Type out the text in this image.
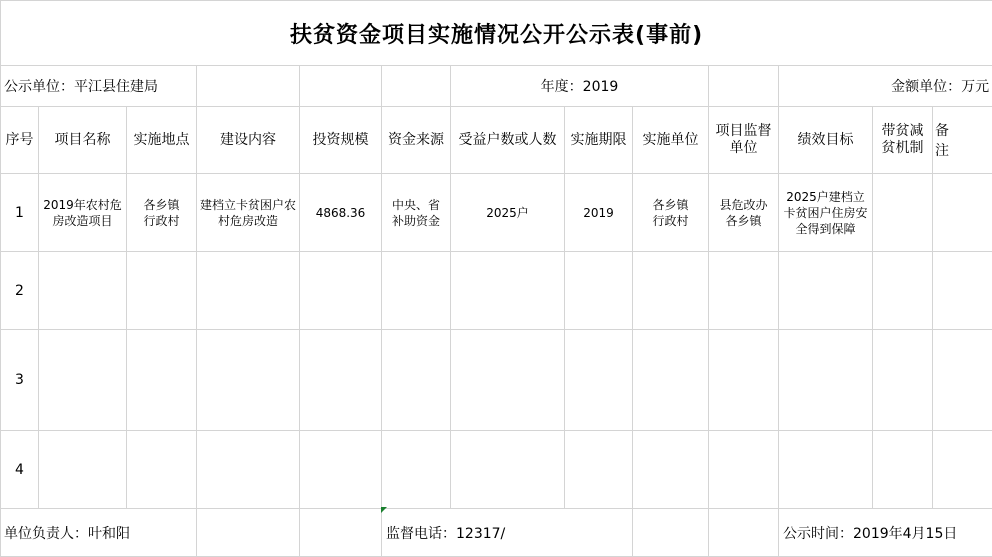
扶贫资金项目实施情况公开公示表(事前)												
公示单位：平江县住建局						年度：2019				金额单位：万元		
序号	项目名称	实施地点	建设内容	投资规模	资金来源	受益户数或人数	实施期限	实施单位	项目监督单位	绩效目标	带贫减贫机制	备注
1	2019年农村危房改造项目	各乡镇行政村	建档立卡贫困户农村危房改造	4868.36	中央、省补助资金	2025户	2019	各乡镇行政村	县危改办各乡镇	2025户建档立卡贫困户住房安全得到保障		
2												
3												
4												
单位负责人：叶和阳					监督电话：12317/					公示时间：2019年4月15日		
